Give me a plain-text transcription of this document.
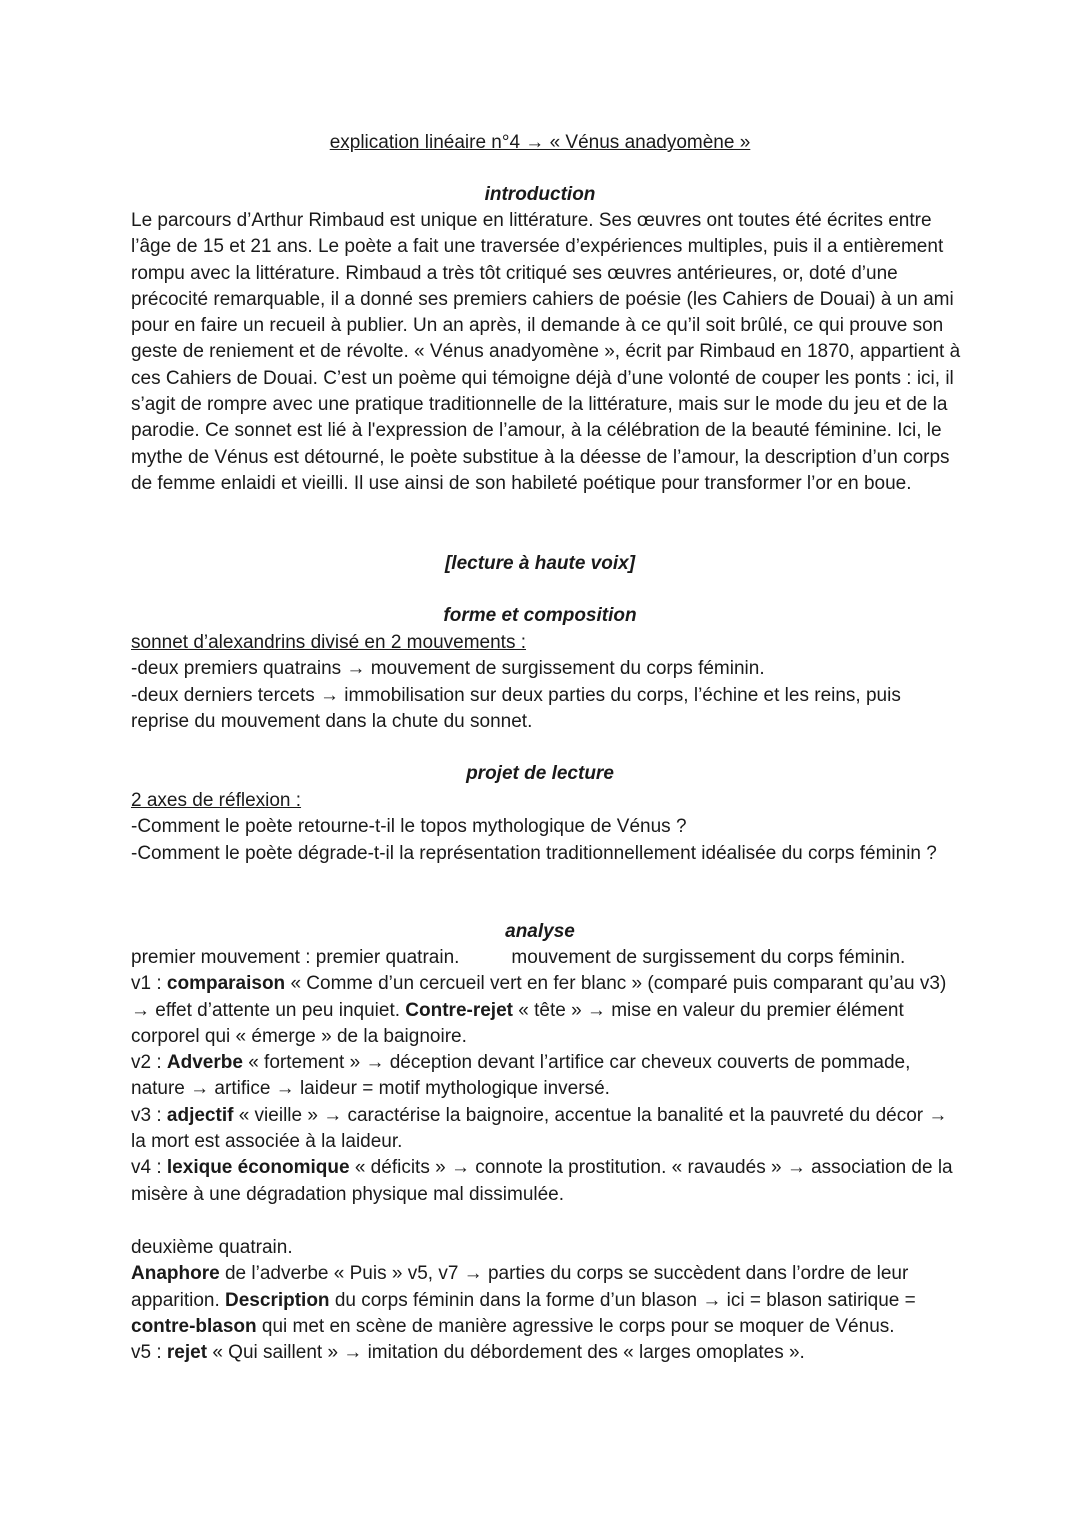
explication linéaire n°4 → « Vénus anadyomène »
introduction

Le parcours d’Arthur Rimbaud est unique en littérature. Ses œuvres ont toutes été écrites entre l’âge de 15 et 21 ans. Le poète a fait une traversée d’expériences multiples, puis il a entièrement rompu avec la littérature. Rimbaud a très tôt critiqué ses œuvres antérieures, or, doté d’une précocité remarquable, il a donné ses premiers cahiers de poésie (les Cahiers de Douai) à un ami pour en faire un recueil à publier. Un an après, il demande à ce qu’il soit brûlé, ce qui prouve son geste de reniement et de révolte. « Vénus anadyomène », écrit par Rimbaud en 1870, appartient à ces Cahiers de Douai. C’est un poème qui témoigne déjà d’une volonté de couper les ponts : ici, il s’agit de rompre avec une pratique traditionnelle de la littérature, mais sur le mode du jeu et de la parodie. Ce sonnet est lié à l'expression de l’amour, à la célébration de la beauté féminine. Ici, le mythe de Vénus est détourné, le poète substitue à la déesse de l’amour, la description d’un corps de femme enlaidi et vieilli. Il use ainsi de son habileté poétique pour transformer l’or en boue.

[lecture à haute voix]
forme et composition

sonnet d’alexandrins divisé en 2 mouvements :

-deux premiers quatrains → mouvement de surgissement du corps féminin.

-deux derniers tercets → immobilisation sur deux parties du corps, l’échine et les reins, puis reprise du mouvement dans la chute du sonnet.

projet de lecture

2 axes de réflexion :

-Comment le poète retourne-t-il le topos mythologique de Vénus ?

-Comment le poète dégrade-t-il la représentation traditionnellement idéalisée du corps féminin ?

analyse

premier mouvement : premier quatrain.	mouvement de surgissement du corps féminin.

v1 : comparaison « Comme d’un cercueil vert en fer blanc » (comparé puis comparant qu’au v3) → effet d’attente un peu inquiet. Contre-rejet « tête » → mise en valeur du premier élément corporel qui « émerge » de la baignoire.

v2 : Adverbe « fortement » → déception devant l’artifice car cheveux couverts de pommade, nature → artifice → laideur = motif mythologique inversé.

v3 : adjectif « vieille » → caractérise la baignoire, accentue la banalité et la pauvreté du décor → la mort est associée à la laideur.

v4 : lexique économique « déficits » → connote la prostitution. « ravaudés » → association de la misère à une dégradation physique mal dissimulée.

deuxième quatrain.

Anaphore de l’adverbe « Puis » v5, v7 → parties du corps se succèdent dans l’ordre de leur apparition. Description du corps féminin dans la forme d’un blason → ici = blason satirique = contre-blason qui met en scène de manière agressive le corps pour se moquer de Vénus.

v5 : rejet « Qui saillent » → imitation du débordement des « larges omoplates ».
